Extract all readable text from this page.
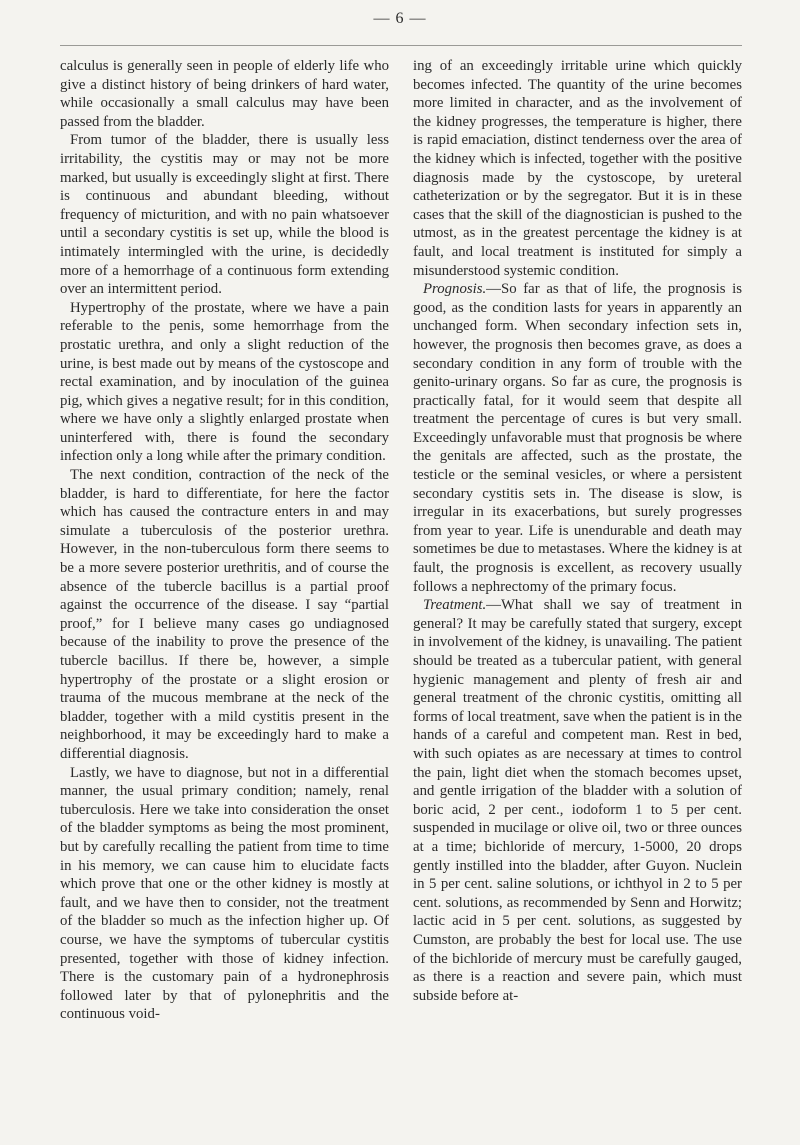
— 6 —

calculus is generally seen in people of elderly life who give a distinct history of being drinkers of hard water, while occasionally a small calculus may have been passed from the bladder.

From tumor of the bladder, there is usually less irritability, the cystitis may or may not be more marked, but usually is exceedingly slight at first. There is continuous and abundant bleeding, without frequency of micturition, and with no pain whatsoever until a secondary cystitis is set up, while the blood is intimately intermingled with the urine, is decidedly more of a hemorrhage of a continuous form extending over an intermittent period.

Hypertrophy of the prostate, where we have a pain referable to the penis, some hemorrhage from the prostatic urethra, and only a slight reduction of the urine, is best made out by means of the cystoscope and rectal examination, and by inoculation of the guinea pig, which gives a negative result; for in this condition, where we have only a slightly enlarged prostate when uninterfered with, there is found the secondary infection only a long while after the primary condition.

The next condition, contraction of the neck of the bladder, is hard to differentiate, for here the factor which has caused the contracture enters in and may simulate a tuberculosis of the posterior urethra. However, in the non-tuberculous form there seems to be a more severe posterior urethritis, and of course the absence of the tubercle bacillus is a partial proof against the occurrence of the disease. I say “partial proof,” for I believe many cases go undiagnosed because of the inability to prove the presence of the tubercle bacillus. If there be, however, a simple hypertrophy of the prostate or a slight erosion or trauma of the mucous membrane at the neck of the bladder, together with a mild cystitis present in the neighborhood, it may be exceedingly hard to make a differential diagnosis.

Lastly, we have to diagnose, but not in a differential manner, the usual primary condition; namely, renal tuberculosis. Here we take into consideration the onset of the bladder symptoms as being the most prominent, but by carefully recalling the patient from time to time in his memory, we can cause him to elucidate facts which prove that one or the other kidney is mostly at fault, and we have then to consider, not the treatment of the bladder so much as the infection higher up. Of course, we have the symptoms of tubercular cystitis presented, together with those of kidney infection. There is the customary pain of a hydronephrosis followed later by that of pylonephritis and the continuous void-

ing of an exceedingly irritable urine which quickly becomes infected. The quantity of the urine becomes more limited in character, and as the involvement of the kidney progresses, the temperature is higher, there is rapid emaciation, distinct tenderness over the area of the kidney which is infected, together with the positive diagnosis made by the cystoscope, by ureteral catheterization or by the segregator. But it is in these cases that the skill of the diagnostician is pushed to the utmost, as in the greatest percentage the kidney is at fault, and local treatment is instituted for simply a misunderstood systemic condition.

Prognosis.—So far as that of life, the prognosis is good, as the condition lasts for years in apparently an unchanged form. When secondary infection sets in, however, the prognosis then becomes grave, as does a secondary condition in any form of trouble with the genito-urinary organs. So far as cure, the prognosis is practically fatal, for it would seem that despite all treatment the percentage of cures is but very small. Exceedingly unfavorable must that prognosis be where the genitals are affected, such as the prostate, the testicle or the seminal vesicles, or where a persistent secondary cystitis sets in. The disease is slow, is irregular in its exacerbations, but surely progresses from year to year. Life is unendurable and death may sometimes be due to metastases. Where the kidney is at fault, the prognosis is excellent, as recovery usually follows a nephrectomy of the primary focus.

Treatment.—What shall we say of treatment in general? It may be carefully stated that surgery, except in involvement of the kidney, is unavailing. The patient should be treated as a tubercular patient, with general hygienic management and plenty of fresh air and general treatment of the chronic cystitis, omitting all forms of local treatment, save when the patient is in the hands of a careful and competent man. Rest in bed, with such opiates as are necessary at times to control the pain, light diet when the stomach becomes upset, and gentle irrigation of the bladder with a solution of boric acid, 2 per cent., iodoform 1 to 5 per cent. suspended in mucilage or olive oil, two or three ounces at a time; bichloride of mercury, 1-5000, 20 drops gently instilled into the bladder, after Guyon. Nuclein in 5 per cent. saline solutions, or ichthyol in 2 to 5 per cent. solutions, as recommended by Senn and Horwitz; lactic acid in 5 per cent. solutions, as suggested by Cumston, are probably the best for local use. The use of the bichloride of mercury must be carefully gauged, as there is a reaction and severe pain, which must subside before at-
